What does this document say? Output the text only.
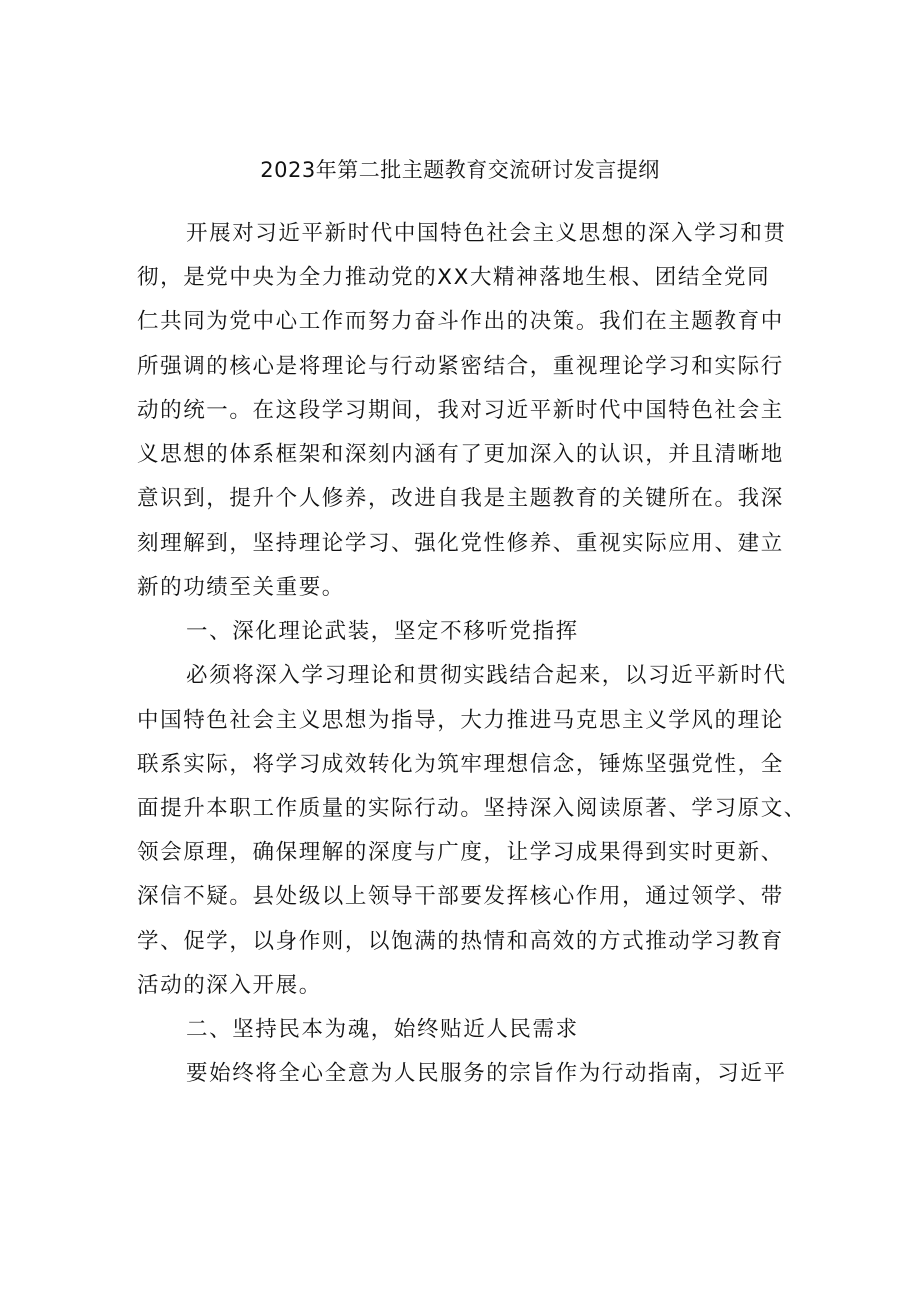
2023年第二批主题教育交流研讨发言提纲
开展对习近平新时代中国特色社会主义思想的深入学习和贯
彻，是党中央为全力推动党的XX大精神落地生根、团结全党同
仁共同为党中心工作而努力奋斗作出的决策。我们在主题教育中
所强调的核心是将理论与行动紧密结合，重视理论学习和实际行
动的统一。在这段学习期间，我对习近平新时代中国特色社会主
义思想的体系框架和深刻内涵有了更加深入的认识，并且清晰地
意识到，提升个人修养，改进自我是主题教育的关键所在。我深
刻理解到，坚持理论学习、强化党性修养、重视实际应用、建立
新的功绩至关重要。
一、深化理论武装，坚定不移听党指挥
必须将深入学习理论和贯彻实践结合起来，以习近平新时代
中国特色社会主义思想为指导，大力推进马克思主义学风的理论
联系实际，将学习成效转化为筑牢理想信念，锤炼坚强党性，全
面提升本职工作质量的实际行动。坚持深入阅读原著、学习原文、
领会原理，确保理解的深度与广度，让学习成果得到实时更新、
深信不疑。县处级以上领导干部要发挥核心作用，通过领学、带
学、促学，以身作则，以饱满的热情和高效的方式推动学习教育
活动的深入开展。
二、坚持民本为魂，始终贴近人民需求
要始终将全心全意为人民服务的宗旨作为行动指南，习近平
